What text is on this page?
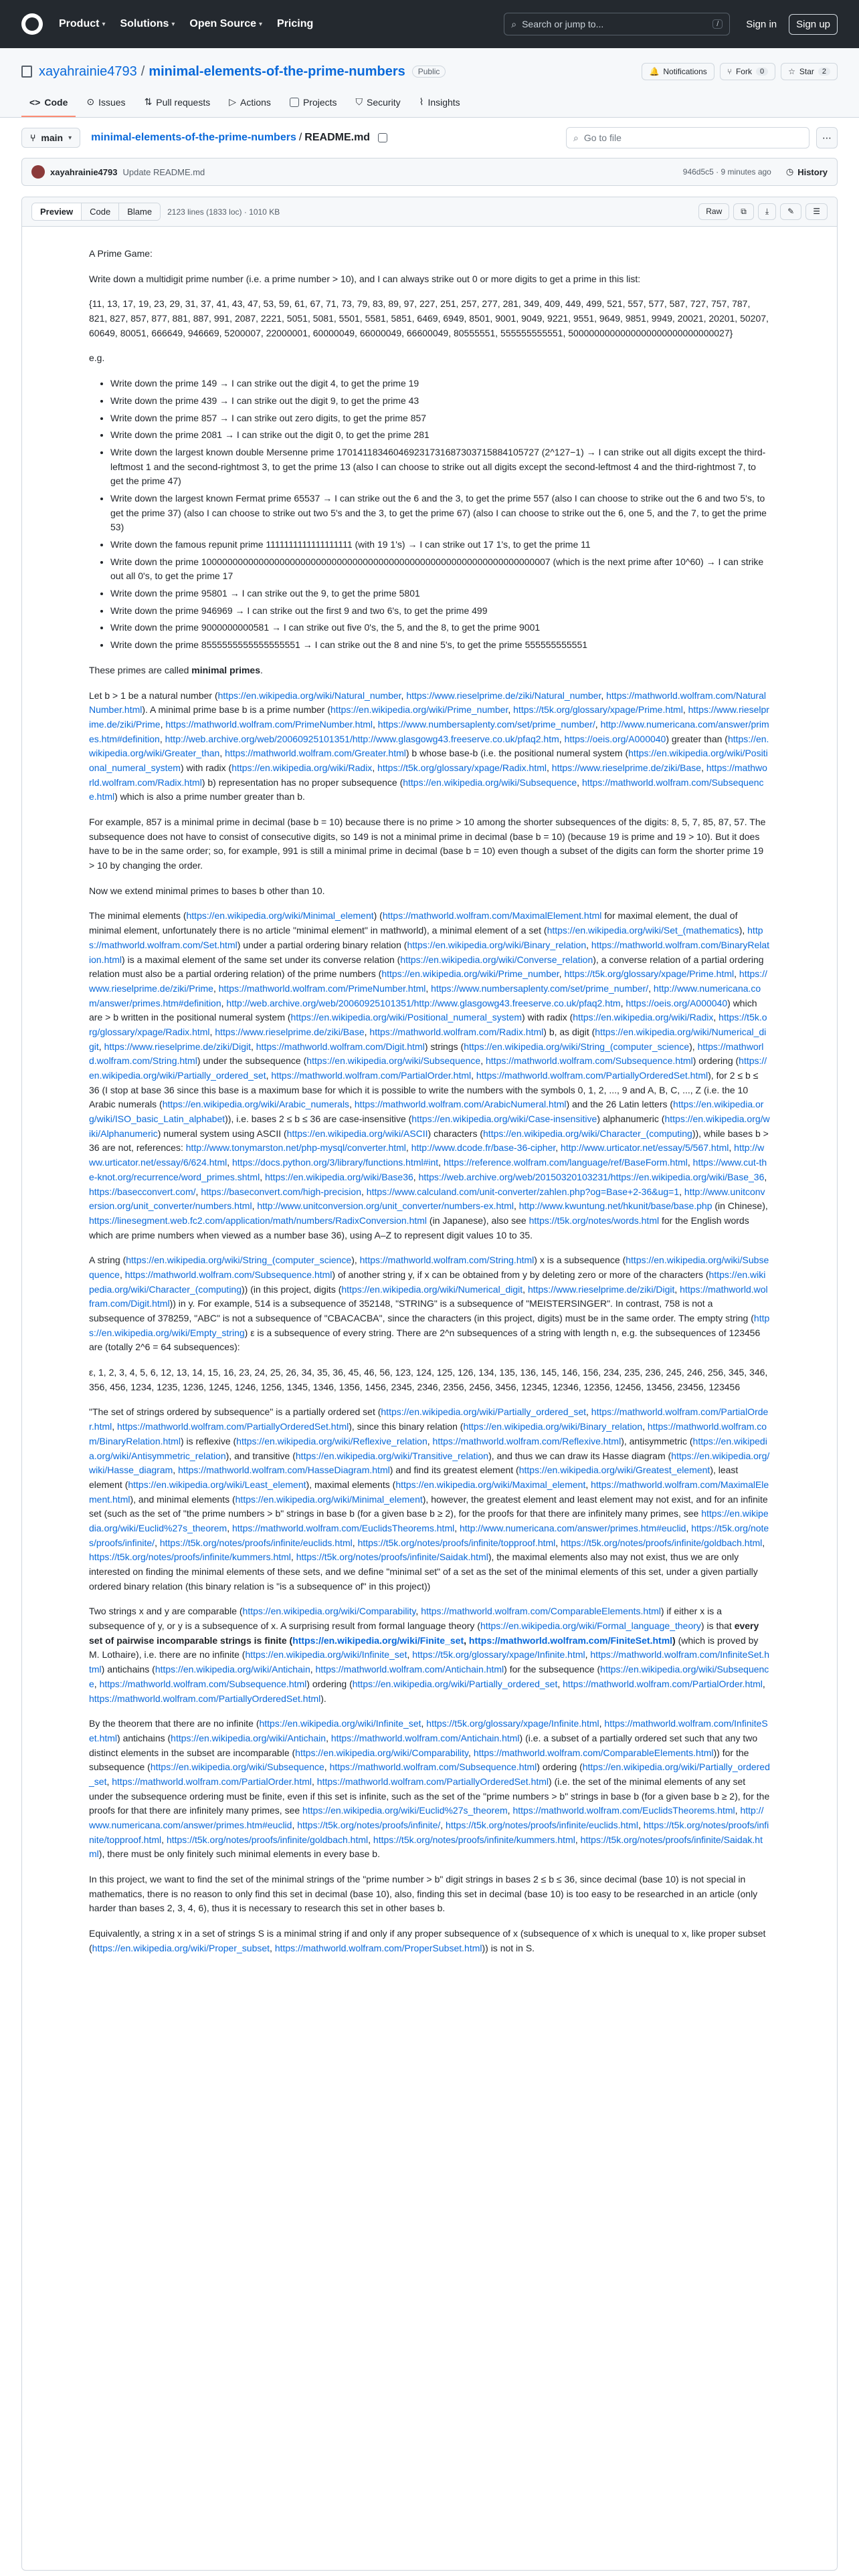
Product ▾ Solutions ▾ Open Source ▾ Pricing	⌕ Search or jump to...	/	Sign in	Sign up
xayahrainie4793 / minimal-elements-of-the-prime-numbers	Public	🔔 Notifications	⑂ Fork	0	☆ Star	2
<> Code ⊙ Issues ⇅ Pull requests ▷ Actions	Projects ⛉ Security ⌇ Insights
⑂ main ▾ minimal-elements-of-the-prime-numbers / README.md	⌕ Go to file	⋯
xayahrainie4793 Update README.md	946d5c5 · 9 minutes ago ◷ History
Preview	Code	Blame	2123 lines (1833 loc) · 1010 KB	Raw	⧉	⤓	✎	☰

A Prime Game:

Write down a multidigit prime number (i.e. a prime number > 10), and I can always strike out 0 or more digits to get a prime in this list:

{11, 13, 17, 19, 23, 29, 31, 37, 41, 43, 47, 53, 59, 61, 67, 71, 73, 79, 83, 89, 97, 227, 251, 257, 277, 281, 349, 409, 449, 499, 521, 557, 577, 587, 727, 757, 787, 821, 827, 857, 877, 881, 887, 991, 2087, 2221, 5051, 5081, 5501, 5581, 5851, 6469, 6949, 8501, 9001, 9049, 9221, 9551, 9649, 9851, 9949, 20021, 20201, 50207, 60649, 80051, 666649, 946669, 5200007, 22000001, 60000049, 66000049, 66600049, 80555551, 555555555551, 5000000000000000000000000000027}

e.g.

• Write down the prime 149 → I can strike out the digit 4, to get the prime 19
• Write down the prime 439 → I can strike out the digit 9, to get the prime 43
• Write down the prime 857 → I can strike out zero digits, to get the prime 857
• Write down the prime 2081 → I can strike out the digit 0, to get the prime 281
• Write down the largest known double Mersenne prime 170141183460469231731687303715884105727 (2^127−1) → I can strike out all digits except the third-leftmost 1 and the second-rightmost 3, to get the prime 13 (also I can choose to strike out all digits except the second-leftmost 4 and the third-rightmost 7, to get the prime 47)
• Write down the largest known Fermat prime 65537 → I can strike out the 6 and the 3, to get the prime 557 (also I can choose to strike out the 6 and two 5's, to get the prime 37) (also I can choose to strike out two 5's and the 3, to get the prime 67) (also I can choose to strike out the 6, one 5, and the 7, to get the prime 53)
• Write down the famous repunit prime 1111111111111111111 (with 19 1's) → I can strike out 17 1's, to get the prime 11
• Write down the prime 1000000000000000000000000000000000000000000000000000000000000000007 (which is the next prime after 10^60) → I can strike out all 0's, to get the prime 17
• Write down the prime 95801 → I can strike out the 9, to get the prime 5801
• Write down the prime 946969 → I can strike out the first 9 and two 6's, to get the prime 499
• Write down the prime 9000000000581 → I can strike out five 0's, the 5, and the 8, to get the prime 9001
• Write down the prime 8555555555555555551 → I can strike out the 8 and nine 5's, to get the prime 555555555551

These primes are called minimal primes.

Let b > 1 be a natural number (https://en.wikipedia.org/wiki/Natural_number, https://www.rieselprime.de/ziki/Natural_number, https://mathworld.wolfram.com/NaturalNumber.html). A minimal prime base b is a prime number (https://en.wikipedia.org/wiki/Prime_number, https://t5k.org/glossary/xpage/Prime.html, https://www.rieselprime.de/ziki/Prime, https://mathworld.wolfram.com/PrimeNumber.html, https://www.numbersaplenty.com/set/prime_number/, http://www.numericana.com/answer/primes.htm#definition, http://web.archive.org/web/20060925101351/http://www.glasgowg43.freeserve.co.uk/pfaq2.htm, https://oeis.org/A000040) greater than (https://en.wikipedia.org/wiki/Greater_than, https://mathworld.wolfram.com/Greater.html) b whose base-b (i.e. the positional numeral system (https://en.wikipedia.org/wiki/Positional_numeral_system) with radix (https://en.wikipedia.org/wiki/Radix, https://t5k.org/glossary/xpage/Radix.html, https://www.rieselprime.de/ziki/Base, https://mathworld.wolfram.com/Radix.html) b) representation has no proper subsequence (https://en.wikipedia.org/wiki/Subsequence, https://mathworld.wolfram.com/Subsequence.html) which is also a prime number greater than b.

For example, 857 is a minimal prime in decimal (base b = 10) because there is no prime > 10 among the shorter subsequences of the digits: 8, 5, 7, 85, 87, 57. The subsequence does not have to consist of consecutive digits, so 149 is not a minimal prime in decimal (base b = 10) (because 19 is prime and 19 > 10). But it does have to be in the same order; so, for example, 991 is still a minimal prime in decimal (base b = 10) even though a subset of the digits can form the shorter prime 19 > 10 by changing the order.

Now we extend minimal primes to bases b other than 10.

The minimal elements (https://en.wikipedia.org/wiki/Minimal_element) (https://mathworld.wolfram.com/MaximalElement.html for maximal element, the dual of minimal element, unfortunately there is no article "minimal element" in mathworld), a minimal element of a set (https://en.wikipedia.org/wiki/Set_(mathematics), https://mathworld.wolfram.com/Set.html) under a partial ordering binary relation (https://en.wikipedia.org/wiki/Binary_relation, https://mathworld.wolfram.com/BinaryRelation.html) is a maximal element of the same set under its converse relation (https://en.wikipedia.org/wiki/Converse_relation), a converse relation of a partial ordering relation must also be a partial ordering relation) of the prime numbers (https://en.wikipedia.org/wiki/Prime_number, https://t5k.org/glossary/xpage/Prime.html, https://www.rieselprime.de/ziki/Prime, https://mathworld.wolfram.com/PrimeNumber.html, https://www.numbersaplenty.com/set/prime_number/, http://www.numericana.com/answer/primes.htm#definition, http://web.archive.org/web/20060925101351/http://www.glasgowg43.freeserve.co.uk/pfaq2.htm, https://oeis.org/A000040) which are > b written in the positional numeral system (https://en.wikipedia.org/wiki/Positional_numeral_system) with radix (https://en.wikipedia.org/wiki/Radix, https://t5k.org/glossary/xpage/Radix.html, https://www.rieselprime.de/ziki/Base, https://mathworld.wolfram.com/Radix.html) b, as digit (https://en.wikipedia.org/wiki/Numerical_digit, https://www.rieselprime.de/ziki/Digit, https://mathworld.wolfram.com/Digit.html) strings (https://en.wikipedia.org/wiki/String_(computer_science), https://mathworld.wolfram.com/String.html) under the subsequence (https://en.wikipedia.org/wiki/Subsequence, https://mathworld.wolfram.com/Subsequence.html) ordering (https://en.wikipedia.org/wiki/Partially_ordered_set, https://mathworld.wolfram.com/PartialOrder.html, https://mathworld.wolfram.com/PartiallyOrderedSet.html), for 2 ≤ b ≤ 36 (I stop at base 36 since this base is a maximum base for which it is possible to write the numbers with the symbols 0, 1, 2, ..., 9 and A, B, C, ..., Z (i.e. the 10 Arabic numerals (https://en.wikipedia.org/wiki/Arabic_numerals, https://mathworld.wolfram.com/ArabicNumeral.html) and the 26 Latin letters (https://en.wikipedia.org/wiki/ISO_basic_Latin_alphabet)), i.e. bases 2 ≤ b ≤ 36 are case-insensitive (https://en.wikipedia.org/wiki/Case-insensitive) alphanumeric (https://en.wikipedia.org/wiki/Alphanumeric) numeral system using ASCII (https://en.wikipedia.org/wiki/ASCII) characters (https://en.wikipedia.org/wiki/Character_(computing)), while bases b > 36 are not, references: http://www.tonymarston.net/php-mysql/converter.html, http://www.dcode.fr/base-36-cipher, http://www.urticator.net/essay/5/567.html, http://www.urticator.net/essay/6/624.html, https://docs.python.org/3/library/functions.html#int, https://reference.wolfram.com/language/ref/BaseForm.html, https://www.cut-the-knot.org/recurrence/word_primes.shtml, https://en.wikipedia.org/wiki/Base36, https://web.archive.org/web/20150320103231/https://en.wikipedia.org/wiki/Base_36, https://basecconvert.com/, https://baseconvert.com/high-precision, https://www.calculand.com/unit-converter/zahlen.php?og=Base+2-36&ug=1, http://www.unitconversion.org/unit_converter/numbers.html, http://www.unitconversion.org/unit_converter/numbers-ex.html, http://www.kwuntung.net/hkunit/base/base.php (in Chinese), https://linesegment.web.fc2.com/application/math/numbers/RadixConversion.html (in Japanese), also see https://t5k.org/notes/words.html for the English words which are prime numbers when viewed as a number base 36), using A–Z to represent digit values 10 to 35.

A string (https://en.wikipedia.org/wiki/String_(computer_science), https://mathworld.wolfram.com/String.html) x is a subsequence (https://en.wikipedia.org/wiki/Subsequence, https://mathworld.wolfram.com/Subsequence.html) of another string y, if x can be obtained from y by deleting zero or more of the characters (https://en.wikipedia.org/wiki/Character_(computing)) (in this project, digits (https://en.wikipedia.org/wiki/Numerical_digit, https://www.rieselprime.de/ziki/Digit, https://mathworld.wolfram.com/Digit.html)) in y. For example, 514 is a subsequence of 352148, "STRING" is a subsequence of "MEISTERSINGER". In contrast, 758 is not a subsequence of 378259, "ABC" is not a subsequence of "CBACACBA", since the characters (in this project, digits) must be in the same order. The empty string (https://en.wikipedia.org/wiki/Empty_string) ε is a subsequence of every string. There are 2^n subsequences of a string with length n, e.g. the subsequences of 123456 are (totally 2^6 = 64 subsequences):

ε, 1, 2, 3, 4, 5, 6, 12, 13, 14, 15, 16, 23, 24, 25, 26, 34, 35, 36, 45, 46, 56, 123, 124, 125, 126, 134, 135, 136, 145, 146, 156, 234, 235, 236, 245, 246, 256, 345, 346, 356, 456, 1234, 1235, 1236, 1245, 1246, 1256, 1345, 1346, 1356, 1456, 2345, 2346, 2356, 2456, 3456, 12345, 12346, 12356, 12456, 13456, 23456, 123456

"The set of strings ordered by subsequence" is a partially ordered set (https://en.wikipedia.org/wiki/Partially_ordered_set, https://mathworld.wolfram.com/PartialOrder.html, https://mathworld.wolfram.com/PartiallyOrderedSet.html), since this binary relation (https://en.wikipedia.org/wiki/Binary_relation, https://mathworld.wolfram.com/BinaryRelation.html) is reflexive (https://en.wikipedia.org/wiki/Reflexive_relation, https://mathworld.wolfram.com/Reflexive.html), antisymmetric (https://en.wikipedia.org/wiki/Antisymmetric_relation), and transitive (https://en.wikipedia.org/wiki/Transitive_relation), and thus we can draw its Hasse diagram (https://en.wikipedia.org/wiki/Hasse_diagram, https://mathworld.wolfram.com/HasseDiagram.html) and find its greatest element (https://en.wikipedia.org/wiki/Greatest_element), least element (https://en.wikipedia.org/wiki/Least_element), maximal elements (https://en.wikipedia.org/wiki/Maximal_element, https://mathworld.wolfram.com/MaximalElement.html), and minimal elements (https://en.wikipedia.org/wiki/Minimal_element), however, the greatest element and least element may not exist, and for an infinite set (such as the set of "the prime numbers > b" strings in base b (for a given base b ≥ 2), for the proofs for that there are infinitely many primes, see https://en.wikipedia.org/wiki/Euclid%27s_theorem, https://mathworld.wolfram.com/EuclidsTheorems.html, http://www.numericana.com/answer/primes.htm#euclid, https://t5k.org/notes/proofs/infinite/, https://t5k.org/notes/proofs/infinite/euclids.html, https://t5k.org/notes/proofs/infinite/topproof.html, https://t5k.org/notes/proofs/infinite/goldbach.html, https://t5k.org/notes/proofs/infinite/kummers.html, https://t5k.org/notes/proofs/infinite/Saidak.html), the maximal elements also may not exist, thus we are only interested on finding the minimal elements of these sets, and we define "minimal set" of a set as the set of the minimal elements of this set, under a given partially ordered binary relation (this binary relation is "is a subsequence of" in this project))

Two strings x and y are comparable (https://en.wikipedia.org/wiki/Comparability, https://mathworld.wolfram.com/ComparableElements.html) if either x is a subsequence of y, or y is a subsequence of x. A surprising result from formal language theory (https://en.wikipedia.org/wiki/Formal_language_theory) is that every set of pairwise incomparable strings is finite (https://en.wikipedia.org/wiki/Finite_set, https://mathworld.wolfram.com/FiniteSet.html) (which is proved by M. Lothaire), i.e. there are no infinite (https://en.wikipedia.org/wiki/Infinite_set, https://t5k.org/glossary/xpage/Infinite.html, https://mathworld.wolfram.com/InfiniteSet.html) antichains (https://en.wikipedia.org/wiki/Antichain, https://mathworld.wolfram.com/Antichain.html) for the subsequence (https://en.wikipedia.org/wiki/Subsequence, https://mathworld.wolfram.com/Subsequence.html) ordering (https://en.wikipedia.org/wiki/Partially_ordered_set, https://mathworld.wolfram.com/PartialOrder.html, https://mathworld.wolfram.com/PartiallyOrderedSet.html).

By the theorem that there are no infinite (https://en.wikipedia.org/wiki/Infinite_set, https://t5k.org/glossary/xpage/Infinite.html, https://mathworld.wolfram.com/InfiniteSet.html) antichains (https://en.wikipedia.org/wiki/Antichain, https://mathworld.wolfram.com/Antichain.html) (i.e. a subset of a partially ordered set such that any two distinct elements in the subset are incomparable (https://en.wikipedia.org/wiki/Comparability, https://mathworld.wolfram.com/ComparableElements.html)) for the subsequence (https://en.wikipedia.org/wiki/Subsequence, https://mathworld.wolfram.com/Subsequence.html) ordering (https://en.wikipedia.org/wiki/Partially_ordered_set, https://mathworld.wolfram.com/PartialOrder.html, https://mathworld.wolfram.com/PartiallyOrderedSet.html) (i.e. the set of the minimal elements of any set under the subsequence ordering must be finite, even if this set is infinite, such as the set of the "prime numbers > b" strings in base b (for a given base b ≥ 2), for the proofs for that there are infinitely many primes, see https://en.wikipedia.org/wiki/Euclid%27s_theorem, https://mathworld.wolfram.com/EuclidsTheorems.html, http://www.numericana.com/answer/primes.htm#euclid, https://t5k.org/notes/proofs/infinite/, https://t5k.org/notes/proofs/infinite/euclids.html, https://t5k.org/notes/proofs/infinite/topproof.html, https://t5k.org/notes/proofs/infinite/goldbach.html, https://t5k.org/notes/proofs/infinite/kummers.html, https://t5k.org/notes/proofs/infinite/Saidak.html), there must be only finitely such minimal elements in every base b.

In this project, we want to find the set of the minimal strings of the "prime number > b" digit strings in bases 2 ≤ b ≤ 36, since decimal (base 10) is not special in mathematics, there is no reason to only find this set in decimal (base 10), also, finding this set in decimal (base 10) is too easy to be researched in an article (only harder than bases 2, 3, 4, 6), thus it is necessary to research this set in other bases b.

Equivalently, a string x in a set of strings S is a minimal string if and only if any proper subsequence of x (subsequence of x which is unequal to x, like proper subset (https://en.wikipedia.org/wiki/Proper_subset, https://mathworld.wolfram.com/ProperSubset.html)) is not in S.
